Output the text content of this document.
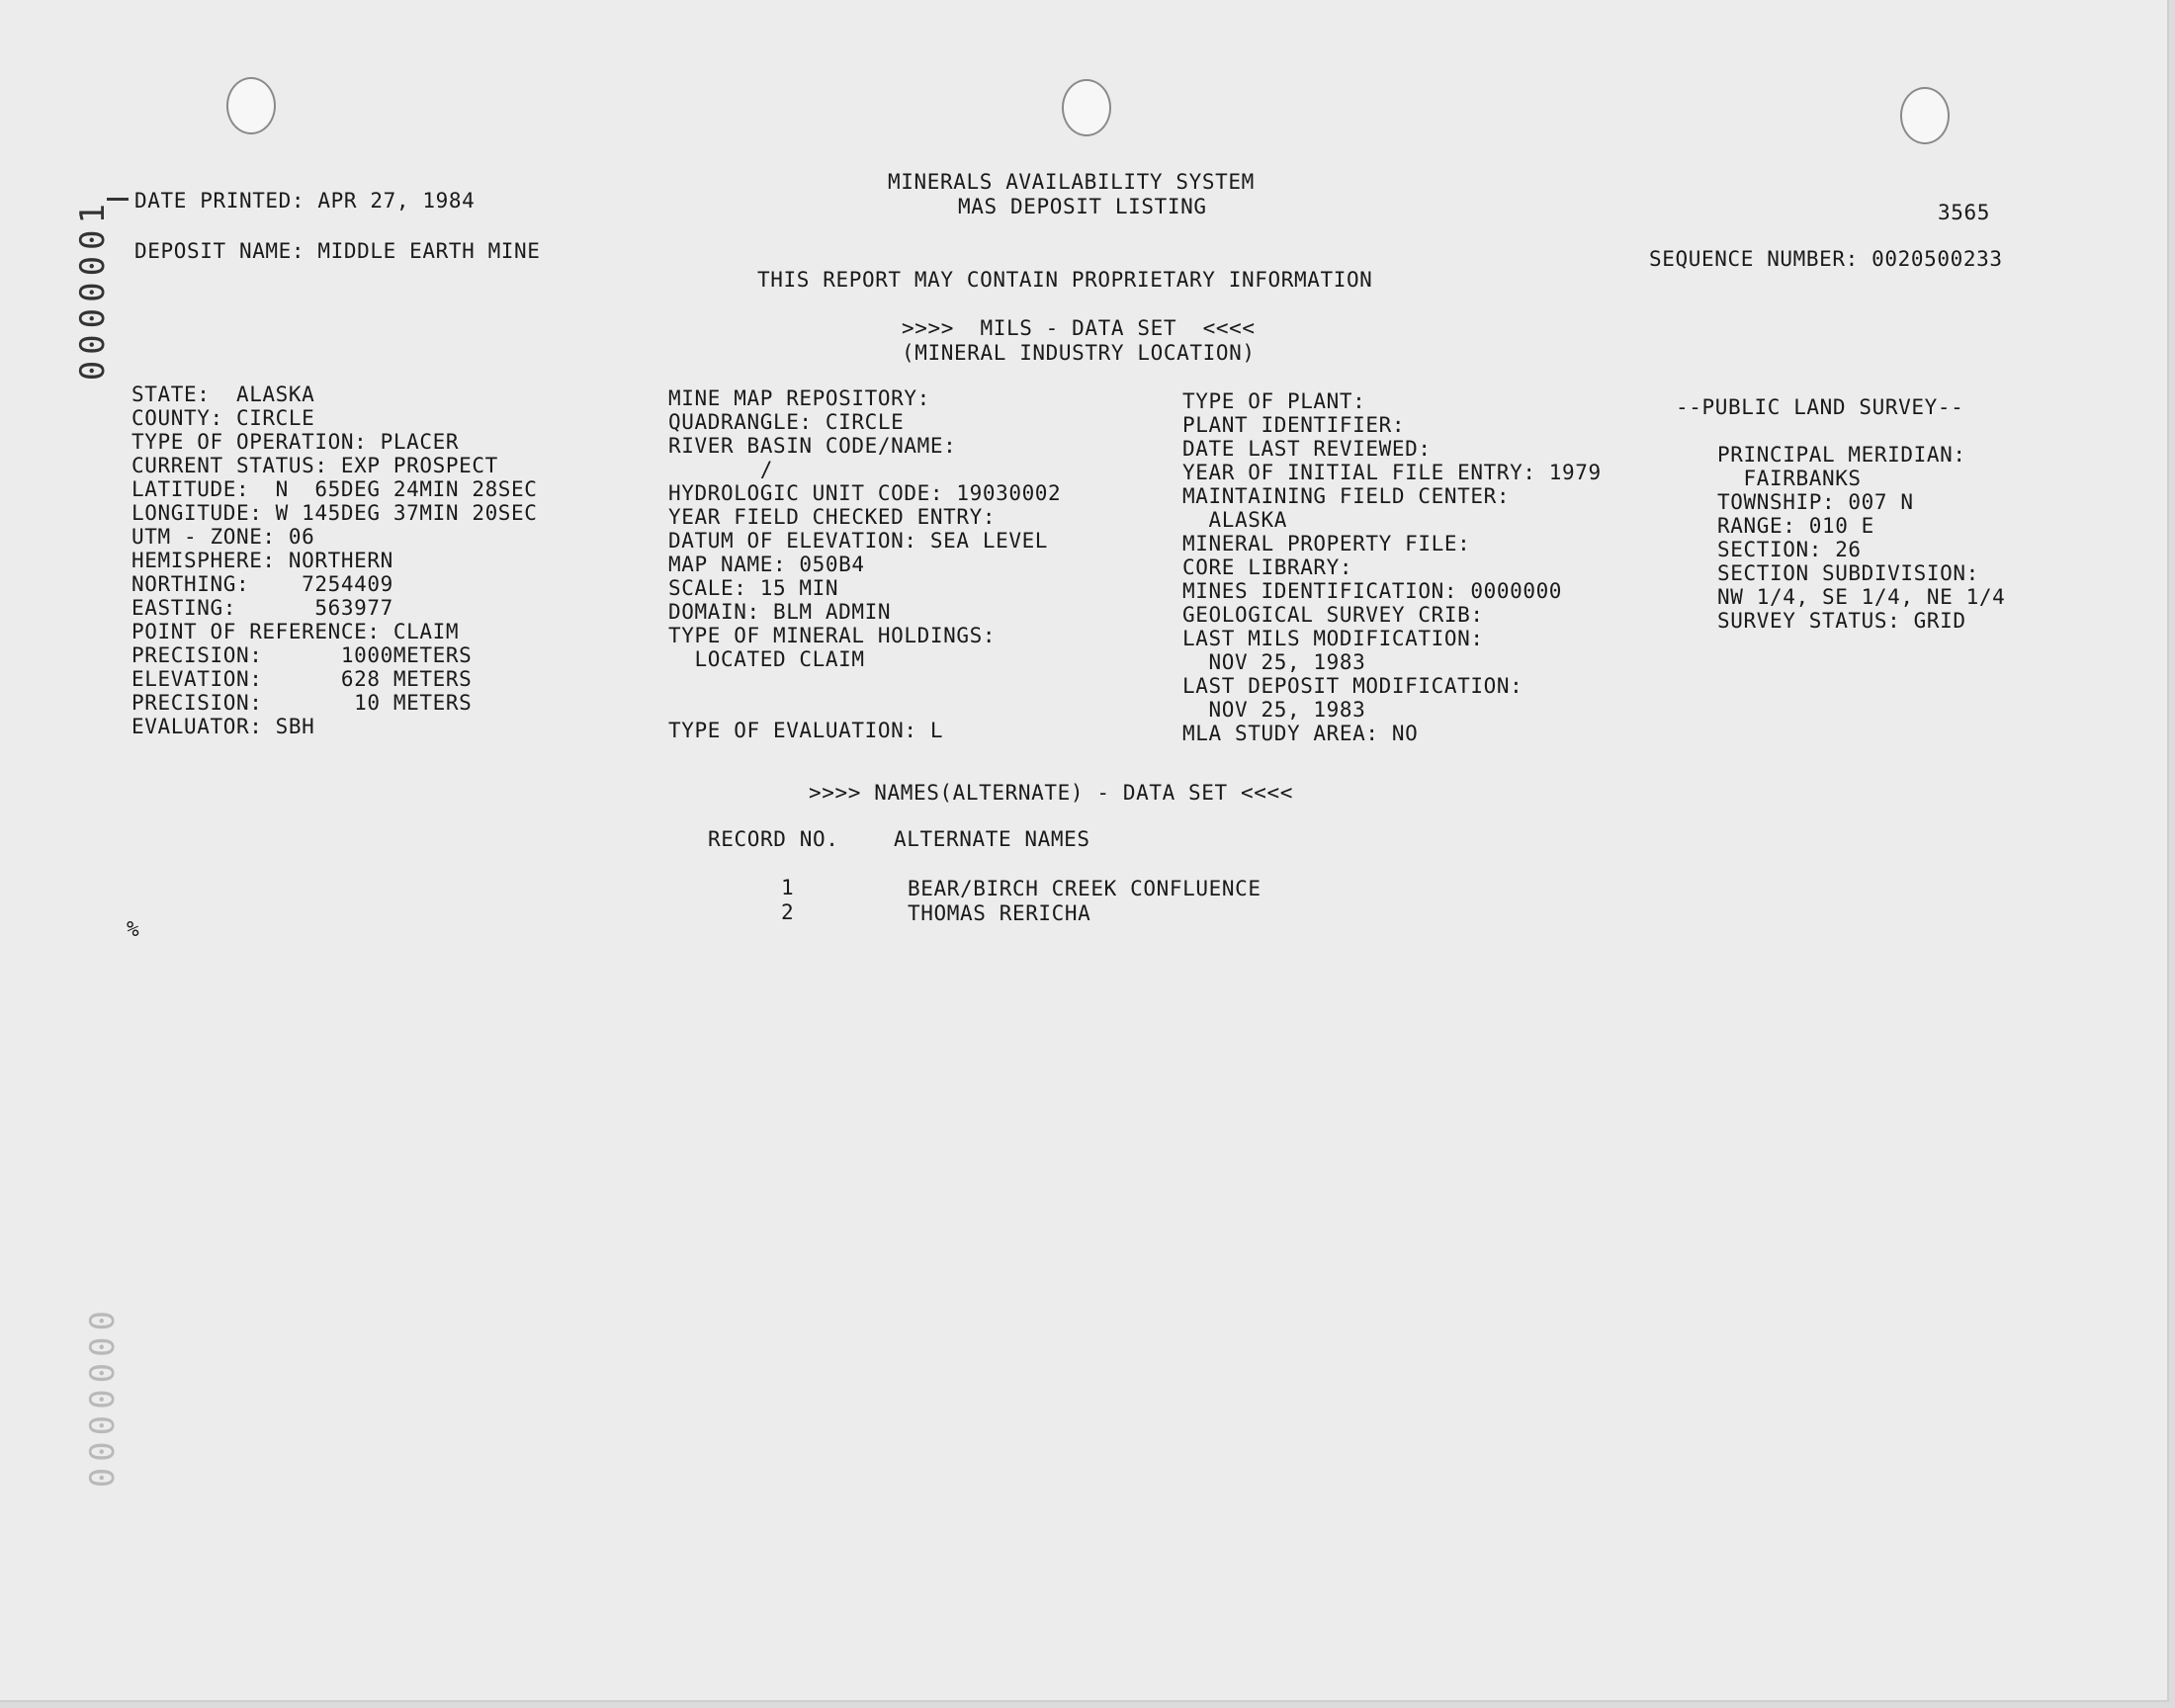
0000001
0000000
DATE PRINTED: APR 27, 1984
MINERALS AVAILABILITY SYSTEM
MAS DEPOSIT LISTING	3565
DEPOSIT NAME: MIDDLE EARTH MINE	SEQUENCE NUMBER: 0020500233
THIS REPORT MAY CONTAIN PROPRIETARY INFORMATION
>>>>  MILS - DATA SET  <<<<
(MINERAL INDUSTRY LOCATION)
STATE:  ALASKA
COUNTY: CIRCLE
TYPE OF OPERATION: PLACER
CURRENT STATUS: EXP PROSPECT
LATITUDE:  N  65DEG 24MIN 28SEC
LONGITUDE: W 145DEG 37MIN 20SEC
UTM - ZONE: 06
HEMISPHERE: NORTHERN
NORTHING:    7254409
EASTING:      563977
POINT OF REFERENCE: CLAIM
PRECISION:      1000METERS
ELEVATION:      628 METERS
PRECISION:       10 METERS
EVALUATOR: SBH
MINE MAP REPOSITORY:
QUADRANGLE: CIRCLE
RIVER BASIN CODE/NAME:
/
HYDROLOGIC UNIT CODE: 19030002
YEAR FIELD CHECKED ENTRY:
DATUM OF ELEVATION: SEA LEVEL
MAP NAME: 050B4
SCALE: 15 MIN
DOMAIN: BLM ADMIN
TYPE OF MINERAL HOLDINGS:
LOCATED CLAIM

TYPE OF EVALUATION: L
TYPE OF PLANT:
PLANT IDENTIFIER:
DATE LAST REVIEWED:
YEAR OF INITIAL FILE ENTRY: 1979
MAINTAINING FIELD CENTER:
ALASKA
MINERAL PROPERTY FILE:
CORE LIBRARY:
MINES IDENTIFICATION: 0000000
GEOLOGICAL SURVEY CRIB:
LAST MILS MODIFICATION:
NOV 25, 1983
LAST DEPOSIT MODIFICATION:
NOV 25, 1983
MLA STUDY AREA: NO
--PUBLIC LAND SURVEY--
PRINCIPAL MERIDIAN:
FAIRBANKS
TOWNSHIP: 007 N
RANGE: 010 E
SECTION: 26
SECTION SUBDIVISION:
NW 1/4, SE 1/4, NE 1/4
SURVEY STATUS: GRID
>>>> NAMES(ALTERNATE) - DATA SET <<<<
RECORD NO.	ALTERNATE NAMES
1	BEAR/BIRCH CREEK CONFLUENCE
2	THOMAS RERICHA
%
